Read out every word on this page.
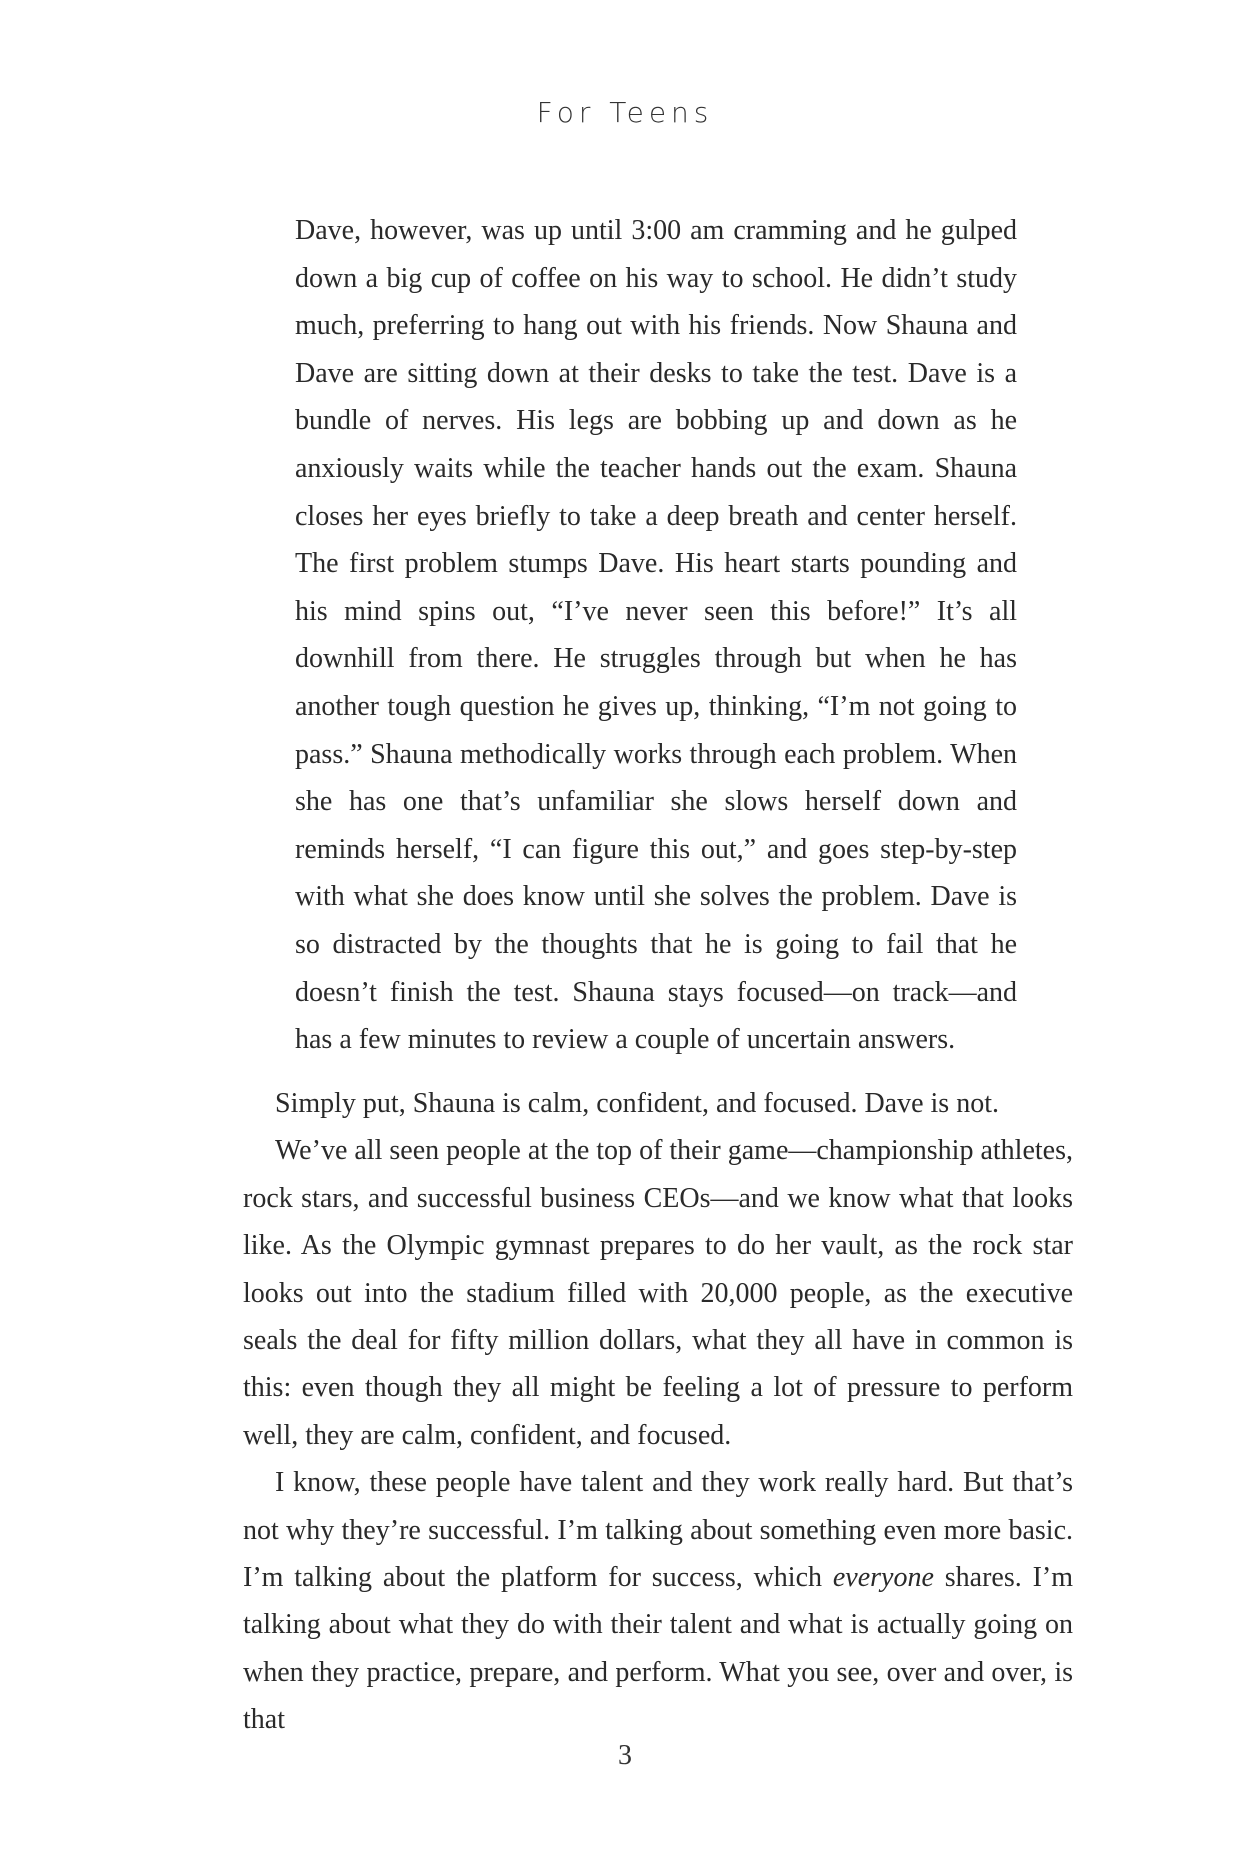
For Teens

Dave, however, was up until 3:00 am cramming and he gulped down a big cup of coffee on his way to school. He didn’t study much, preferring to hang out with his friends. Now Shauna and Dave are sitting down at their desks to take the test. Dave is a bundle of nerves. His legs are bobbing up and down as he anxiously waits while the teacher hands out the exam. Shauna closes her eyes briefly to take a deep breath and center herself. The first problem stumps Dave. His heart starts pounding and his mind spins out, “I’ve never seen this before!” It’s all downhill from there. He struggles through but when he has another tough question he gives up, thinking, “I’m not going to pass.” Shauna methodically works through each problem. When she has one that’s unfamiliar she slows herself down and reminds herself, “I can figure this out,” and goes step-by-step with what she does know until she solves the problem. Dave is so distracted by the thoughts that he is going to fail that he doesn’t finish the test. Shauna stays focused—on track—and has a few minutes to review a couple of uncertain answers.

Simply put, Shauna is calm, confident, and focused. Dave is not.

We’ve all seen people at the top of their game—championship athletes, rock stars, and successful business CEOs—and we know what that looks like. As the Olympic gymnast prepares to do her vault, as the rock star looks out into the stadium filled with 20,000 people, as the executive seals the deal for fifty million dollars, what they all have in common is this: even though they all might be feeling a lot of pressure to perform well, they are calm, confident, and focused.

I know, these people have talent and they work really hard. But that’s not why they’re successful. I’m talking about something even more basic. I’m talking about the platform for success, which everyone shares. I’m talking about what they do with their talent and what is actually going on when they practice, prepare, and perform. What you see, over and over, is that

3
